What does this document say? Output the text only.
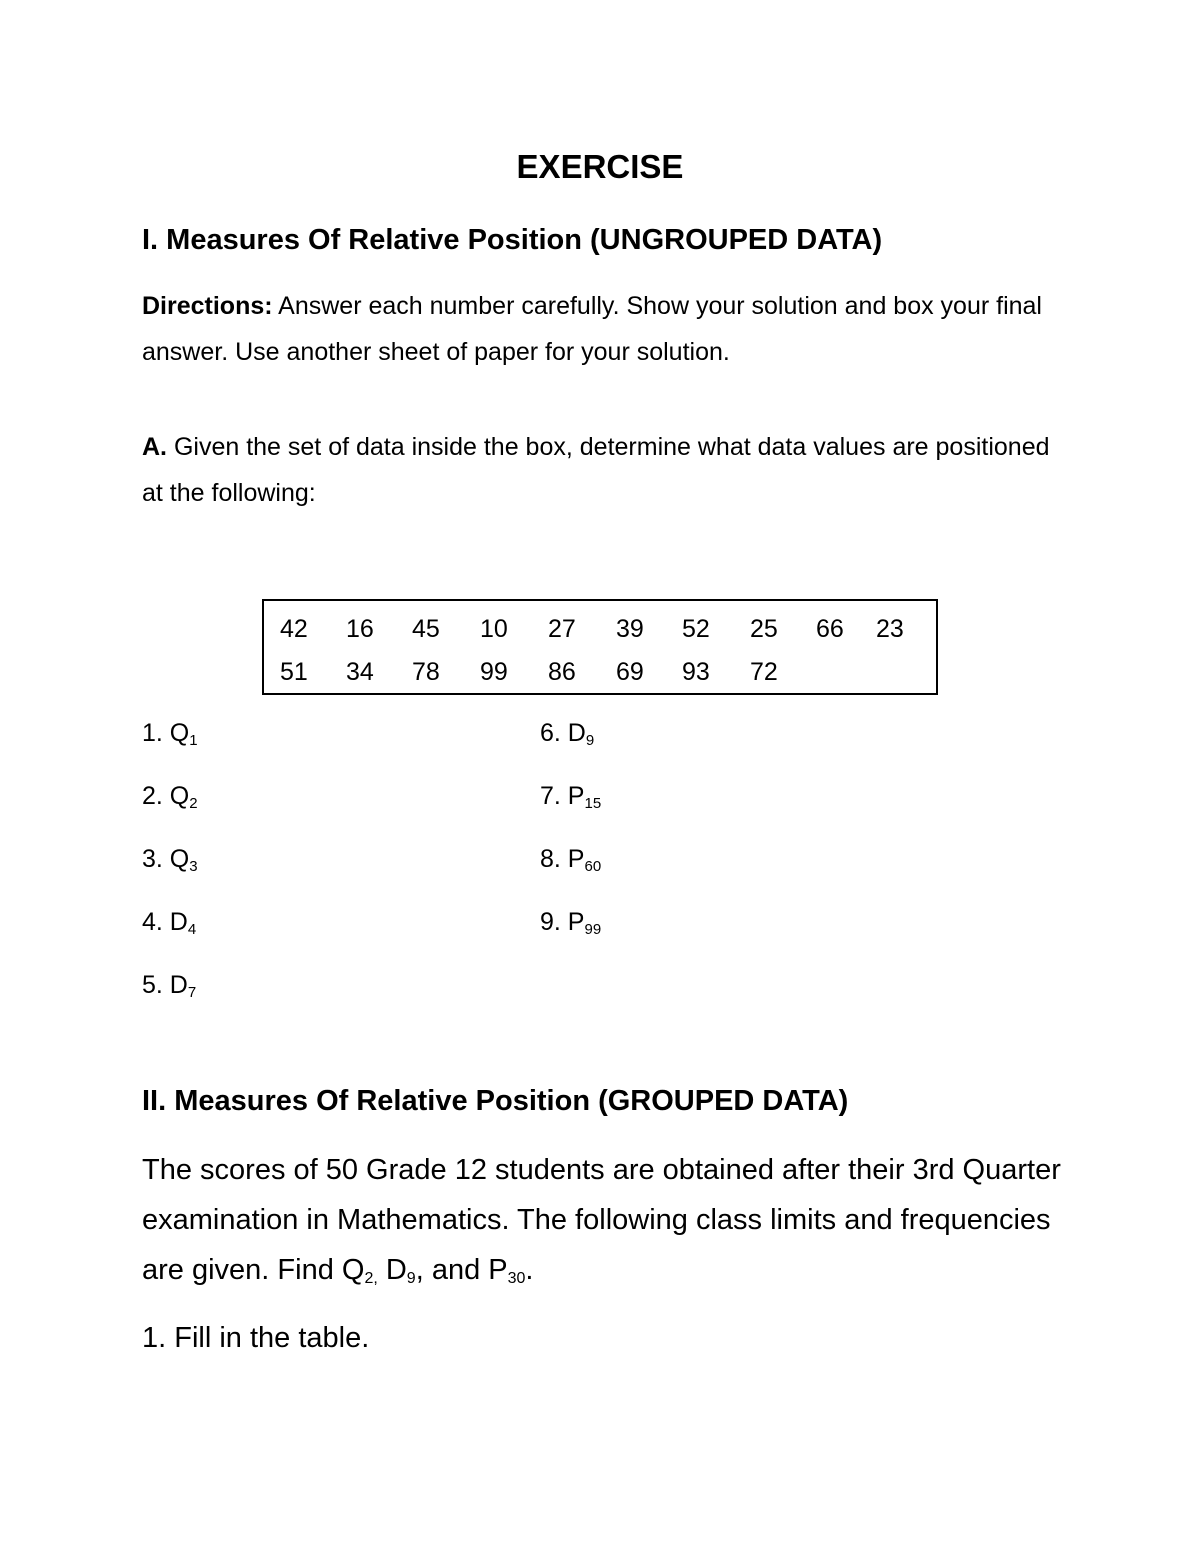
EXERCISE
I. Measures Of Relative Position (UNGROUPED DATA)
Directions: Answer each number carefully. Show your solution and box your final answer. Use another sheet of paper for your solution.
A. Given the set of data inside the box, determine what data values are positioned at the following:
42 16 45 10 27 39 52 25 66 23
51 34 78 99 86 69 93 72
1. $Q_1$
2. $Q_2$
3. $Q_3$
4. $D_4$
5. $D_7$
6. $D_9$
7. $P_{15}$
8. $P_{60}$
9. $P_{99}$
II. Measures Of Relative Position (GROUPED DATA)
The scores of 50 Grade 12 students are obtained after their 3rd Quarter examination in Mathematics. The following class limits and frequencies are given. Find $Q_{2,}$ $D_9$, and $P_{30}$.
1. Fill in the table.
